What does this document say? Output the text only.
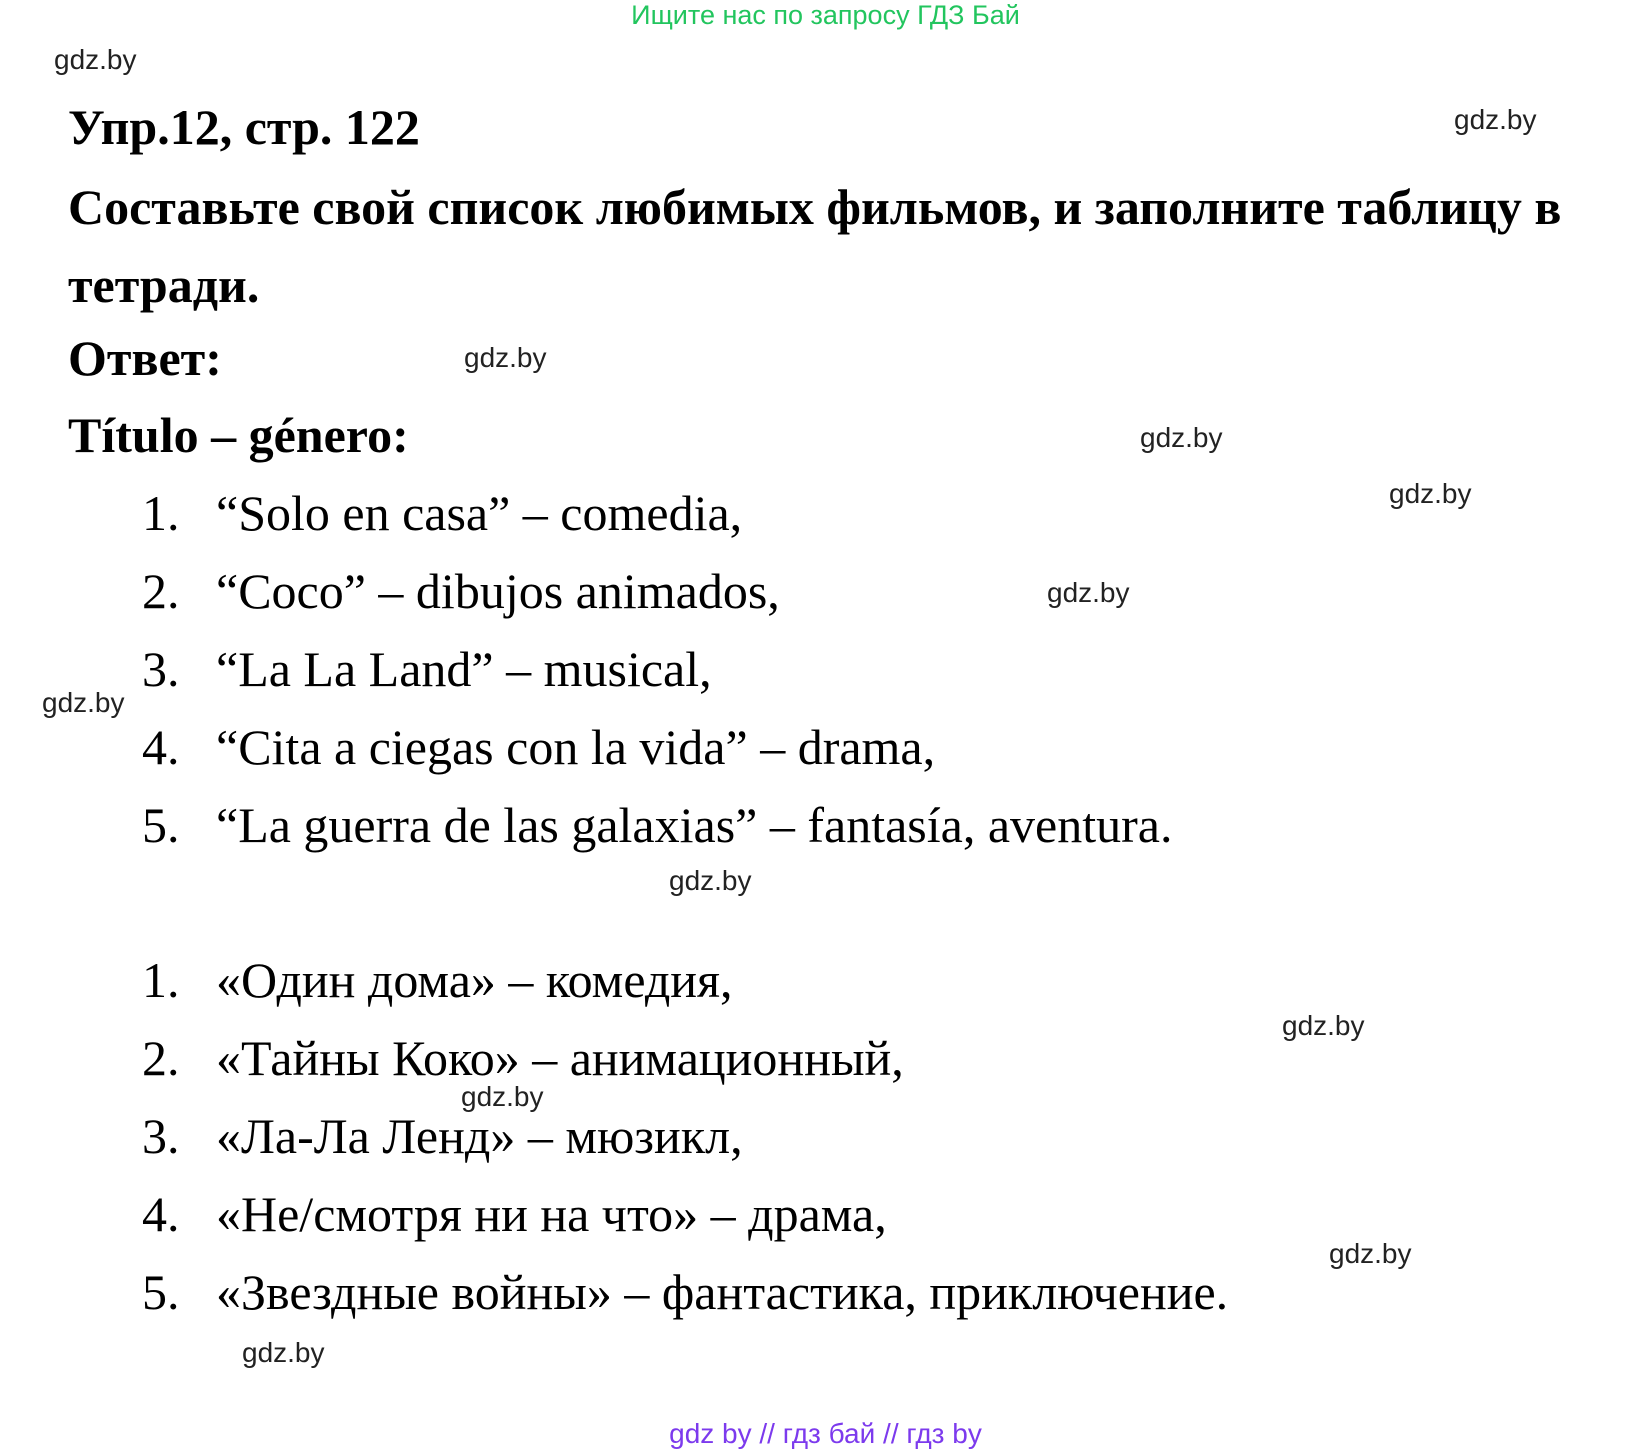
Ищите нас по запросу ГДЗ Бай
gdz.by
gdz.by
gdz.by
gdz.by
gdz.by
gdz.by
gdz.by
gdz.by
gdz.by
gdz.by
gdz.by
gdz.by
Упр.12, стр. 122
Составьте свой список любимых фильмов, и заполните таблицу в тетради.
Ответ:
Título – género:
1. “Solo en casa” – comedia,
2. “Coco” – dibujos animados,
3. “La La Land” – musical,
4. “Cita a ciegas con la vida” – drama,
5. “La guerra de las galaxias” – fantasía, aventura.
1. «Один дома» – комедия,
2. «Тайны Коко» – анимационный,
3. «Ла-Ла Ленд» – мюзикл,
4. «Не/смотря ни на что» – драма,
5. «Звездные войны» – фантастика, приключение.
gdz by // гдз бай // гдз by
